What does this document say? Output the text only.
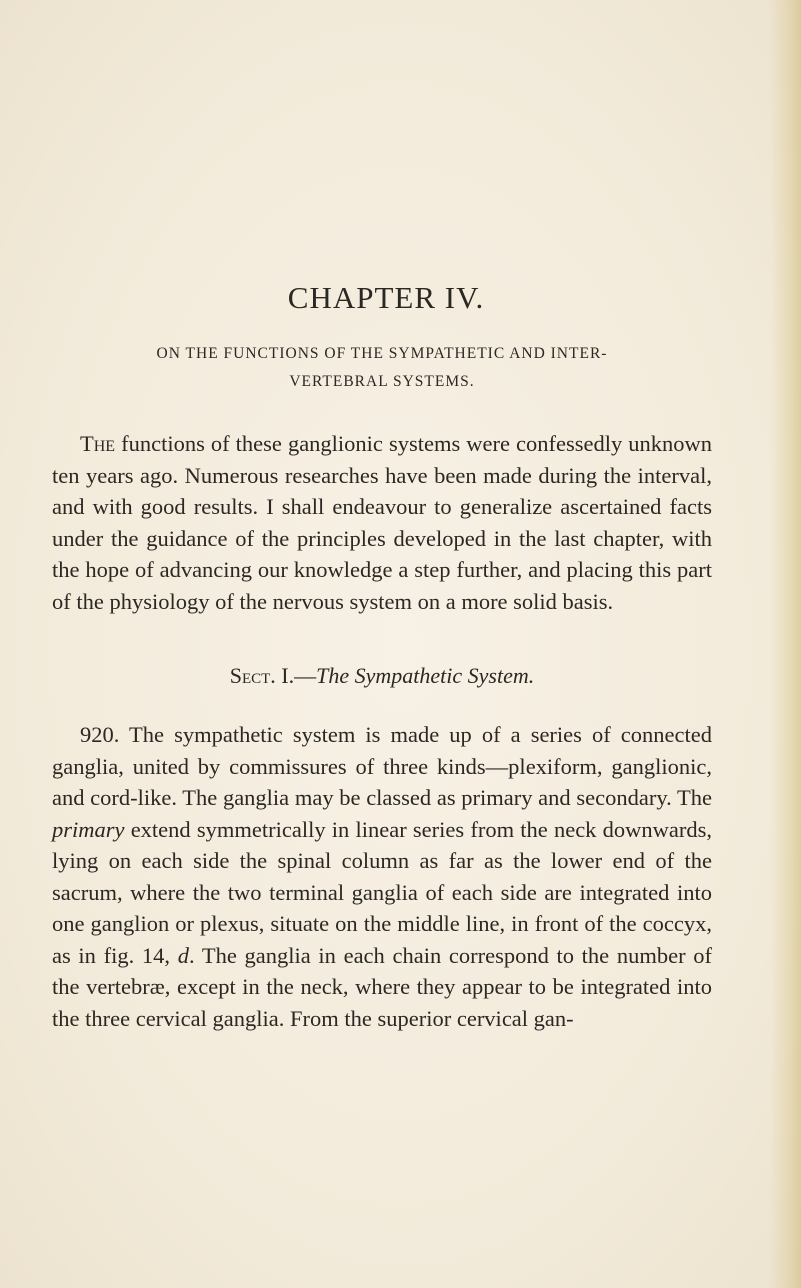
CHAPTER IV.
ON THE FUNCTIONS OF THE SYMPATHETIC AND INTER-
VERTEBRAL SYSTEMS.

The functions of these ganglionic systems were confessedly unknown ten years ago. Numerous researches have been made during the interval, and with good results. I shall endeavour to generalize ascertained facts under the guidance of the principles developed in the last chapter, with the hope of advancing our knowledge a step further, and placing this part of the physiology of the nervous system on a more solid basis.

Sect. I.—The Sympathetic System.

920. The sympathetic system is made up of a series of connected ganglia, united by commissures of three kinds—plexiform, ganglionic, and cord-like. The ganglia may be classed as primary and secondary. The primary extend symmetrically in linear series from the neck downwards, lying on each side the spinal column as far as the lower end of the sacrum, where the two terminal ganglia of each side are integrated into one ganglion or plexus, situate on the middle line, in front of the coccyx, as in fig. 14, d. The ganglia in each chain correspond to the number of the vertebræ, except in the neck, where they appear to be integrated into the three cervical ganglia. From the superior cervical gan-
